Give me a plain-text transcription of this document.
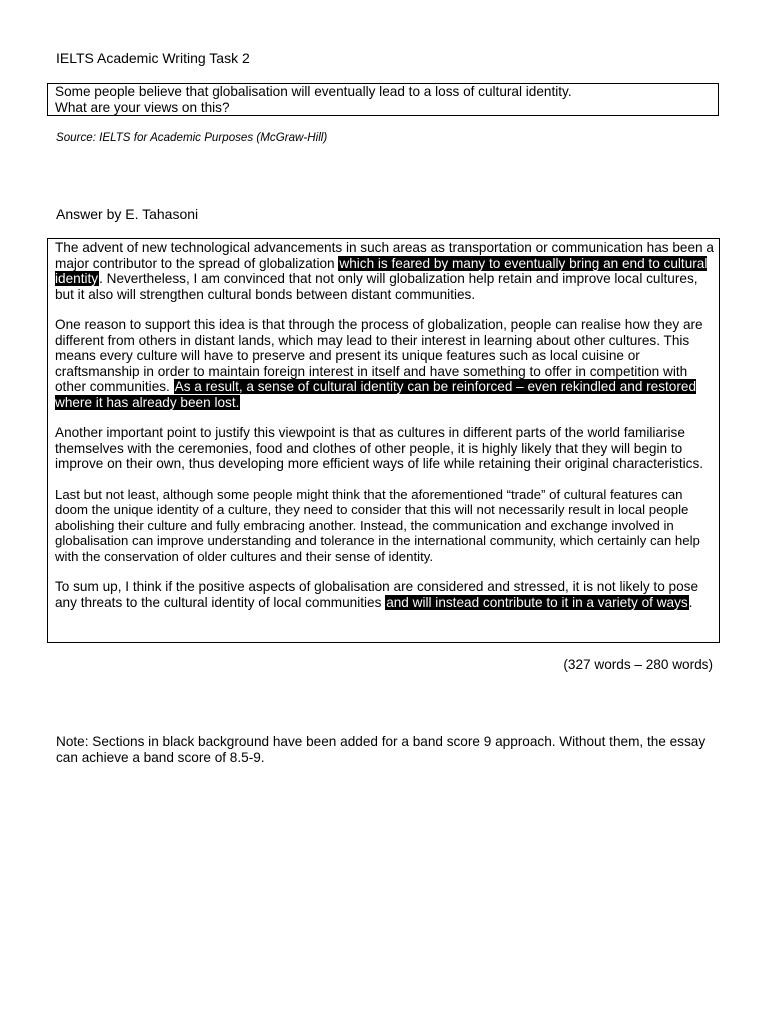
IELTS Academic Writing Task 2
Some people believe that globalisation will eventually lead to a loss of cultural identity.
What are your views on this?
Source: IELTS for Academic Purposes (McGraw-Hill)
Answer by E. Tahasoni

The advent of new technological advancements in such areas as transportation or communication has been a major contributor to the spread of globalization which is feared by many to eventually bring an end to cultural identity. Nevertheless, I am convinced that not only will globalization help retain and improve local cultures, but it also will strengthen cultural bonds between distant communities.

One reason to support this idea is that through the process of globalization, people can realise how they are different from others in distant lands, which may lead to their interest in learning about other cultures. This means every culture will have to preserve and present its unique features such as local cuisine or craftsmanship in order to maintain foreign interest in itself and have something to offer in competition with other communities. As a result, a sense of cultural identity can be reinforced – even rekindled and restored where it has already been lost.

Another important point to justify this viewpoint is that as cultures in different parts of the world familiarise themselves with the ceremonies, food and clothes of other people, it is highly likely that they will begin to improve on their own, thus developing more efficient ways of life while retaining their original characteristics.

Last but not least, although some people might think that the aforementioned “trade” of cultural features can doom the unique identity of a culture, they need to consider that this will not necessarily result in local people abolishing their culture and fully embracing another. Instead, the communication and exchange involved in globalisation can improve understanding and tolerance in the international community, which certainly can help with the conservation of older cultures and their sense of identity.

To sum up, I think if the positive aspects of globalisation are considered and stressed, it is not likely to pose any threats to the cultural identity of local communities and will instead contribute to it in a variety of ways.

(327 words – 280 words)
Note: Sections in black background have been added for a band score 9 approach. Without them, the essay can achieve a band score of 8.5-9.
